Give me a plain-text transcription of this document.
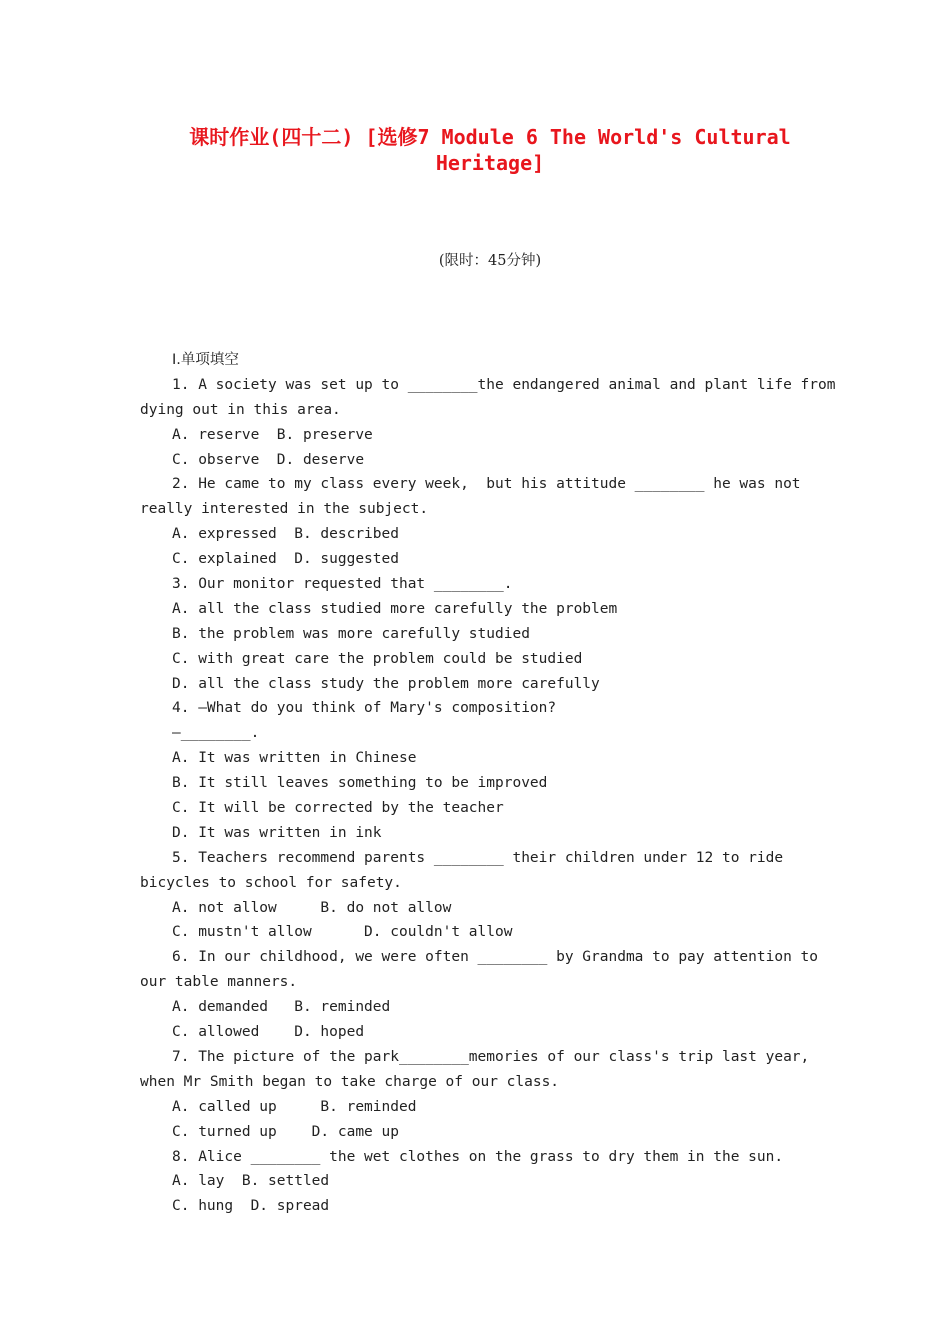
课时作业(四十二) [选修7 Module 6 The World's Cultural
Heritage]
(限时：45分钟)
Ⅰ.单项填空
1. A society was set up to ________the endangered animal and plant life from
dying out in this area.
A. reserve  B. preserve
C. observe  D. deserve
2. He came to my class every week,  but his attitude ________ he was not
really interested in the subject.
A. expressed  B. described
C. explained  D. suggested
3. Our monitor requested that ________.
A. all the class studied more carefully the problem
B. the problem was more carefully studied
C. with great care the problem could be studied
D. all the class study the problem more carefully
4. —What do you think of Mary's composition?
—________.
A. It was written in Chinese
B. It still leaves something to be improved
C. It will be corrected by the teacher
D. It was written in ink
5. Teachers recommend parents ________ their children under 12 to ride
bicycles to school for safety.
A. not allow     B. do not allow
C. mustn't allow      D. couldn't allow
6. In our childhood, we were often ________ by Grandma to pay attention to
our table manners.
A. demanded   B. reminded
C. allowed    D. hoped
7. The picture of the park________memories of our class's trip last year,
when Mr Smith began to take charge of our class.
A. called up     B. reminded
C. turned up    D. came up
8. Alice ________ the wet clothes on the grass to dry them in the sun.
A. lay  B. settled
C. hung  D. spread
